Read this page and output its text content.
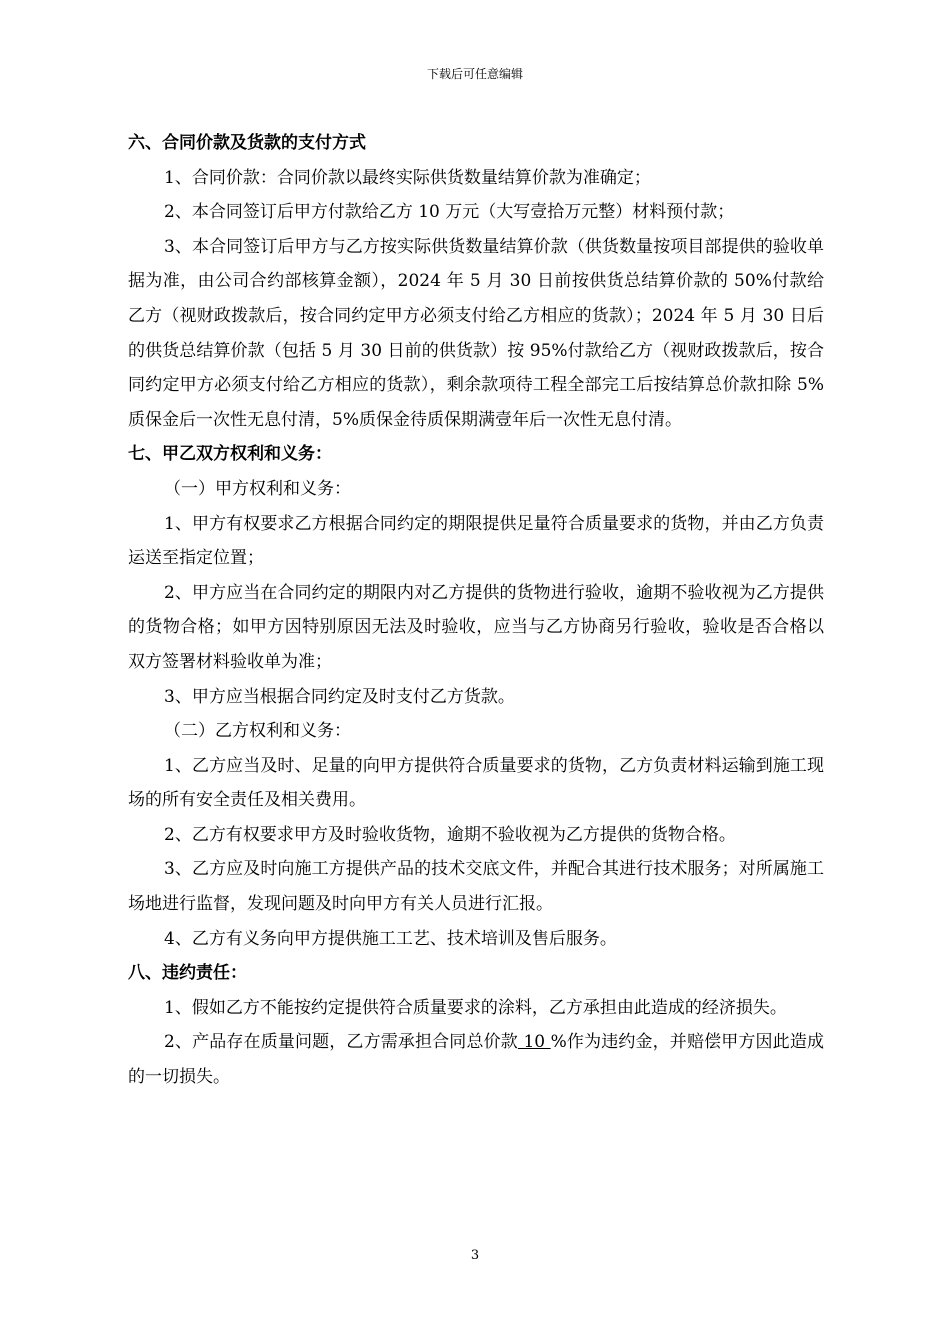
下载后可任意编辑

六、合同价款及货款的支付方式

1、合同价款：合同价款以最终实际供货数量结算价款为准确定；

2、本合同签订后甲方付款给乙方 10 万元（大写壹拾万元整）材料预付款；

3、本合同签订后甲方与乙方按实际供货数量结算价款（供货数量按项目部提供的验收单据为准，由公司合约部核算金额），2024 年 5 月 30 日前按供货总结算价款的 50%付款给乙方（视财政拨款后，按合同约定甲方必须支付给乙方相应的货款）；2024 年 5 月 30 日后的供货总结算价款（包括 5 月 30 日前的供货款）按 95%付款给乙方（视财政拨款后，按合同约定甲方必须支付给乙方相应的货款），剩余款项待工程全部完工后按结算总价款扣除 5%质保金后一次性无息付清，5%质保金待质保期满壹年后一次性无息付清。

七、甲乙双方权利和义务：

（一）甲方权利和义务：

1、甲方有权要求乙方根据合同约定的期限提供足量符合质量要求的货物，并由乙方负责运送至指定位置；

2、甲方应当在合同约定的期限内对乙方提供的货物进行验收，逾期不验收视为乙方提供的货物合格；如甲方因特别原因无法及时验收，应当与乙方协商另行验收，验收是否合格以双方签署材料验收单为准；

3、甲方应当根据合同约定及时支付乙方货款。

（二）乙方权利和义务：

1、乙方应当及时、足量的向甲方提供符合质量要求的货物，乙方负责材料运输到施工现场的所有安全责任及相关费用。

2、乙方有权要求甲方及时验收货物，逾期不验收视为乙方提供的货物合格。

3、乙方应及时向施工方提供产品的技术交底文件，并配合其进行技术服务；对所属施工场地进行监督，发现问题及时向甲方有关人员进行汇报。

4、乙方有义务向甲方提供施工工艺、技术培训及售后服务。

八、违约责任：

1、假如乙方不能按约定提供符合质量要求的涂料，乙方承担由此造成的经济损失。

2、产品存在质量问题，乙方需承担合同总价款 10 %作为违约金，并赔偿甲方因此造成的一切损失。

3
